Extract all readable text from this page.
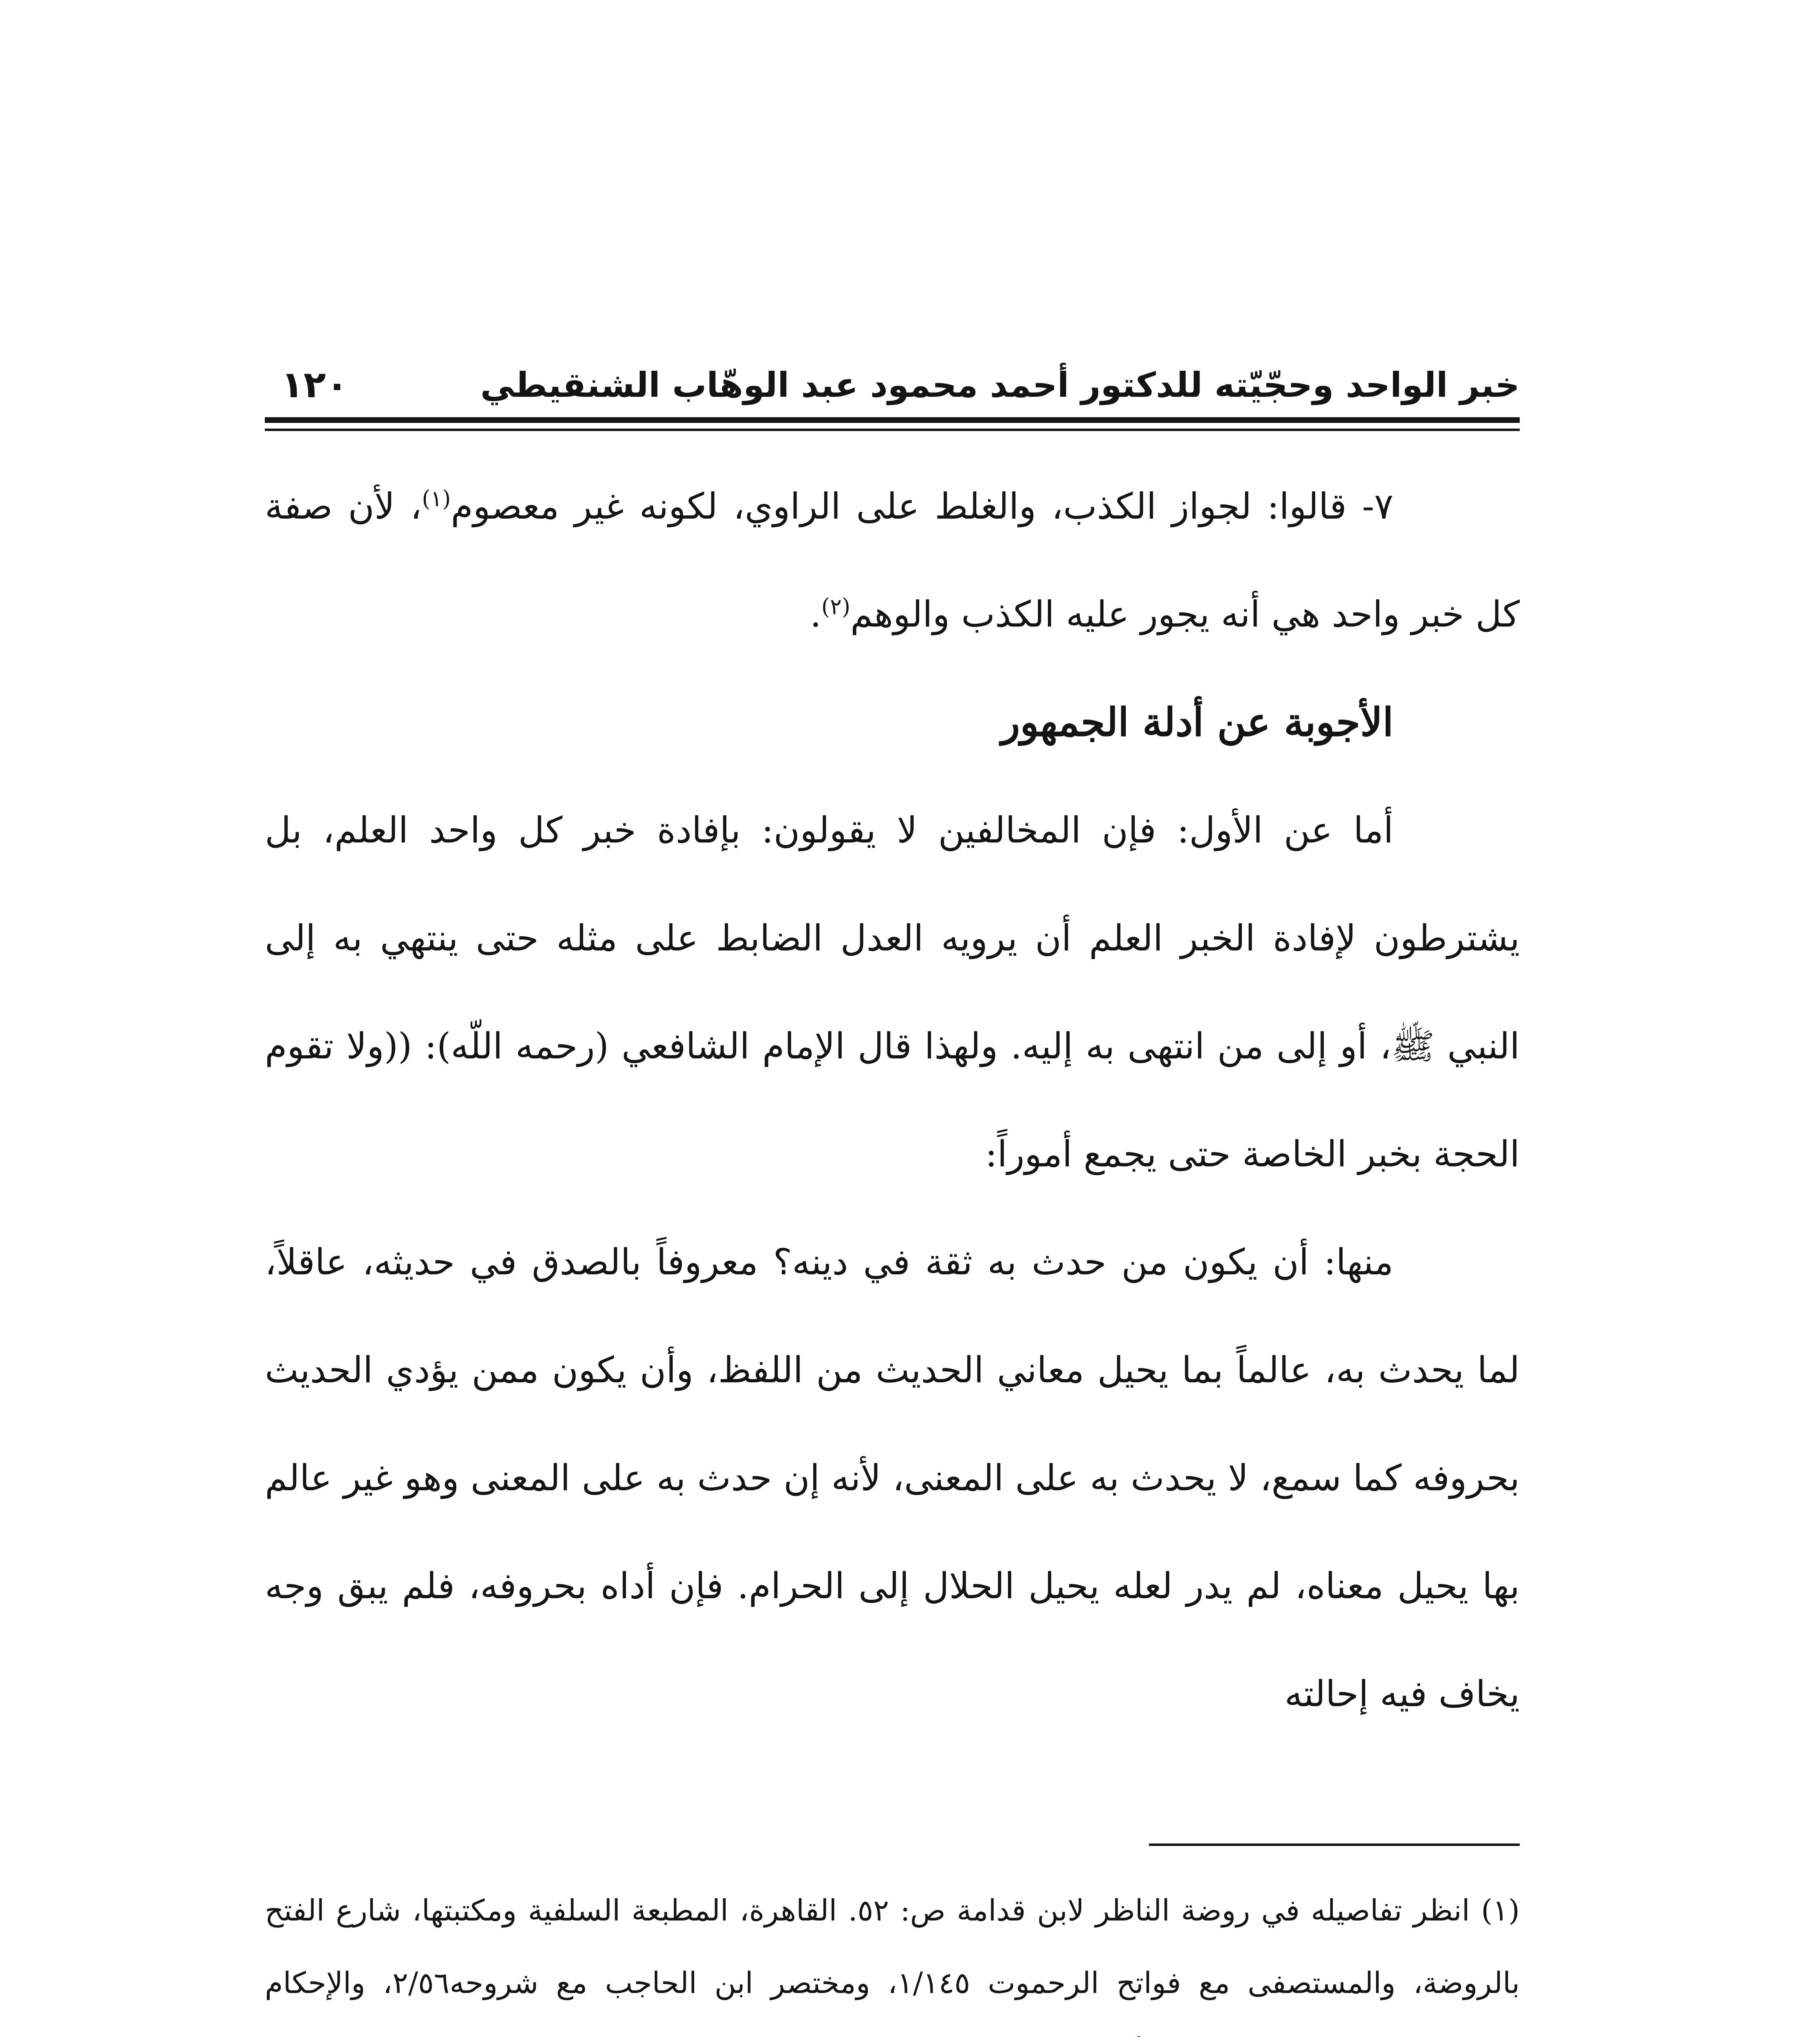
خبر الواحد وحجّيّته للدكتور أحمد محمود عبد الوهّاب الشنقيطي
١٢٠

٧- قالوا: لجواز الكذب، والغلط على الراوي، لكونه غير معصوم$^{(١)}$، لأن صفة كل خبر واحد هي أنه يجور عليه الكذب والوهم$^{(٢)}$.

الأجوبة عن أدلة الجمهور

أما عن الأول: فإن المخالفين لا يقولون: بإفادة خبر كل واحد العلم، بل يشترطون لإفادة الخبر العلم أن يرويه العدل الضابط على مثله حتى ينتهي به إلى النبي ﷺ، أو إلى من انتهى به إليه. ولهذا قال الإمام الشافعي (رحمه اللّه): ((ولا تقوم الحجة بخبر الخاصة حتى يجمع أموراً:

منها: أن يكون من حدث به ثقة في دينه؟ معروفاً بالصدق في حديثه، عاقلاً، لما يحدث به، عالماً بما يحيل معاني الحديث من اللفظ، وأن يكون ممن يؤدي الحديث بحروفه كما سمع، لا يحدث به على المعنى، لأنه إن حدث به على المعنى وهو غير عالم بها يحيل معناه، لم يدر لعله يحيل الحلال إلى الحرام. فإن أداه بحروفه، فلم يبق وجه يخاف فيه إحالته

(١) انظر تفاصيله في روضة الناظر لابن قدامة ص: ٥٢. القاهرة، المطبعة السلفية ومكتبتها، شارع الفتح بالروضة، والمستصفى مع فواتح الرحموت ١/١٤٥، ومختصر ابن الحاجب مع شروحه٢/٥٦، والإحكام
